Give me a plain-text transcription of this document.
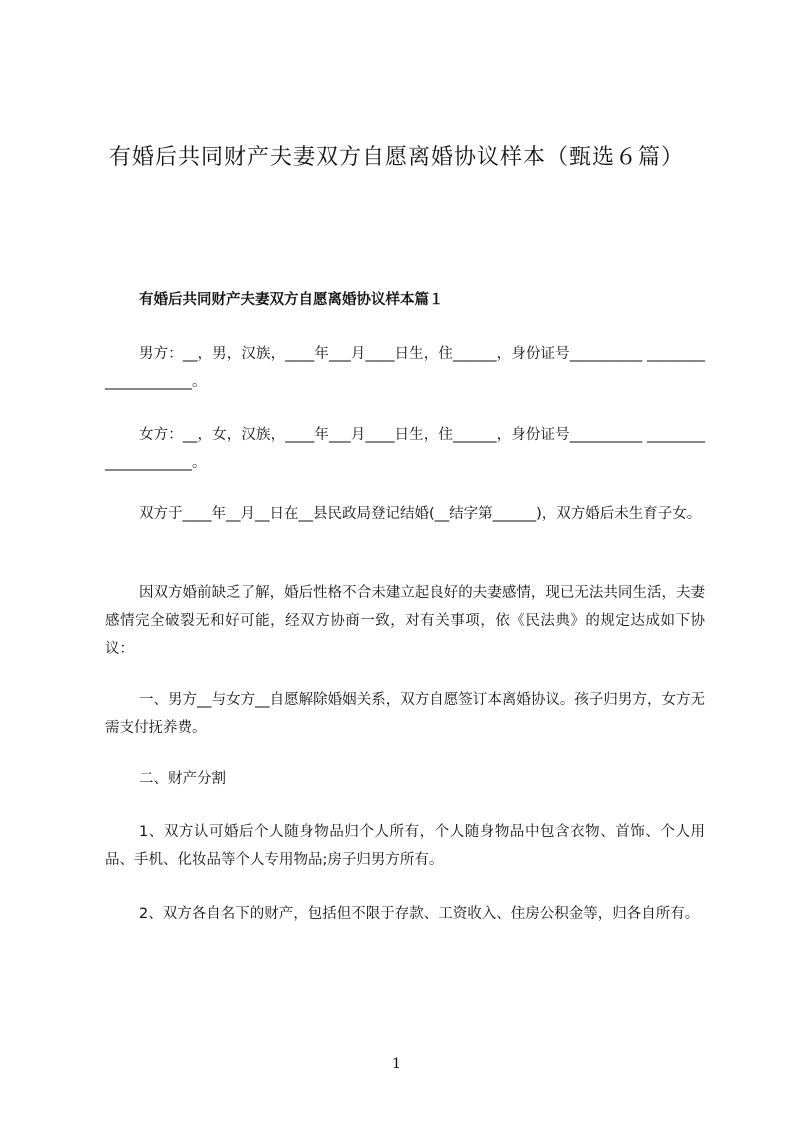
有婚后共同财产夫妻双方自愿离婚协议样本（甄选６篇）
有婚后共同财产夫妻双方自愿离婚协议样本篇１
男方：__，男，汉族，____年___月____日生，住______，身份证号__________ ____________________。
女方：__，女，汉族，____年___月____日生，住______，身份证号__________ ____________________。
双方于____年__月__日在__县民政局登记结婚(__结字第______)，双方婚后未生育子女。
因双方婚前缺乏了解，婚后性格不合未建立起良好的夫妻感情，现已无法共同生活，夫妻感情完全破裂无和好可能，经双方协商一致，对有关事项，依《民法典》的规定达成如下协议：
一、男方__与女方__自愿解除婚姻关系，双方自愿签订本离婚协议。孩子归男方，女方无需支付抚养费。
二、财产分割
1、双方认可婚后个人随身物品归个人所有，个人随身物品中包含衣物、首饰、个人用品、手机、化妆品等个人专用物品;房子归男方所有。
2、双方各自名下的财产，包括但不限于存款、工资收入、住房公积金等，归各自所有。
1
